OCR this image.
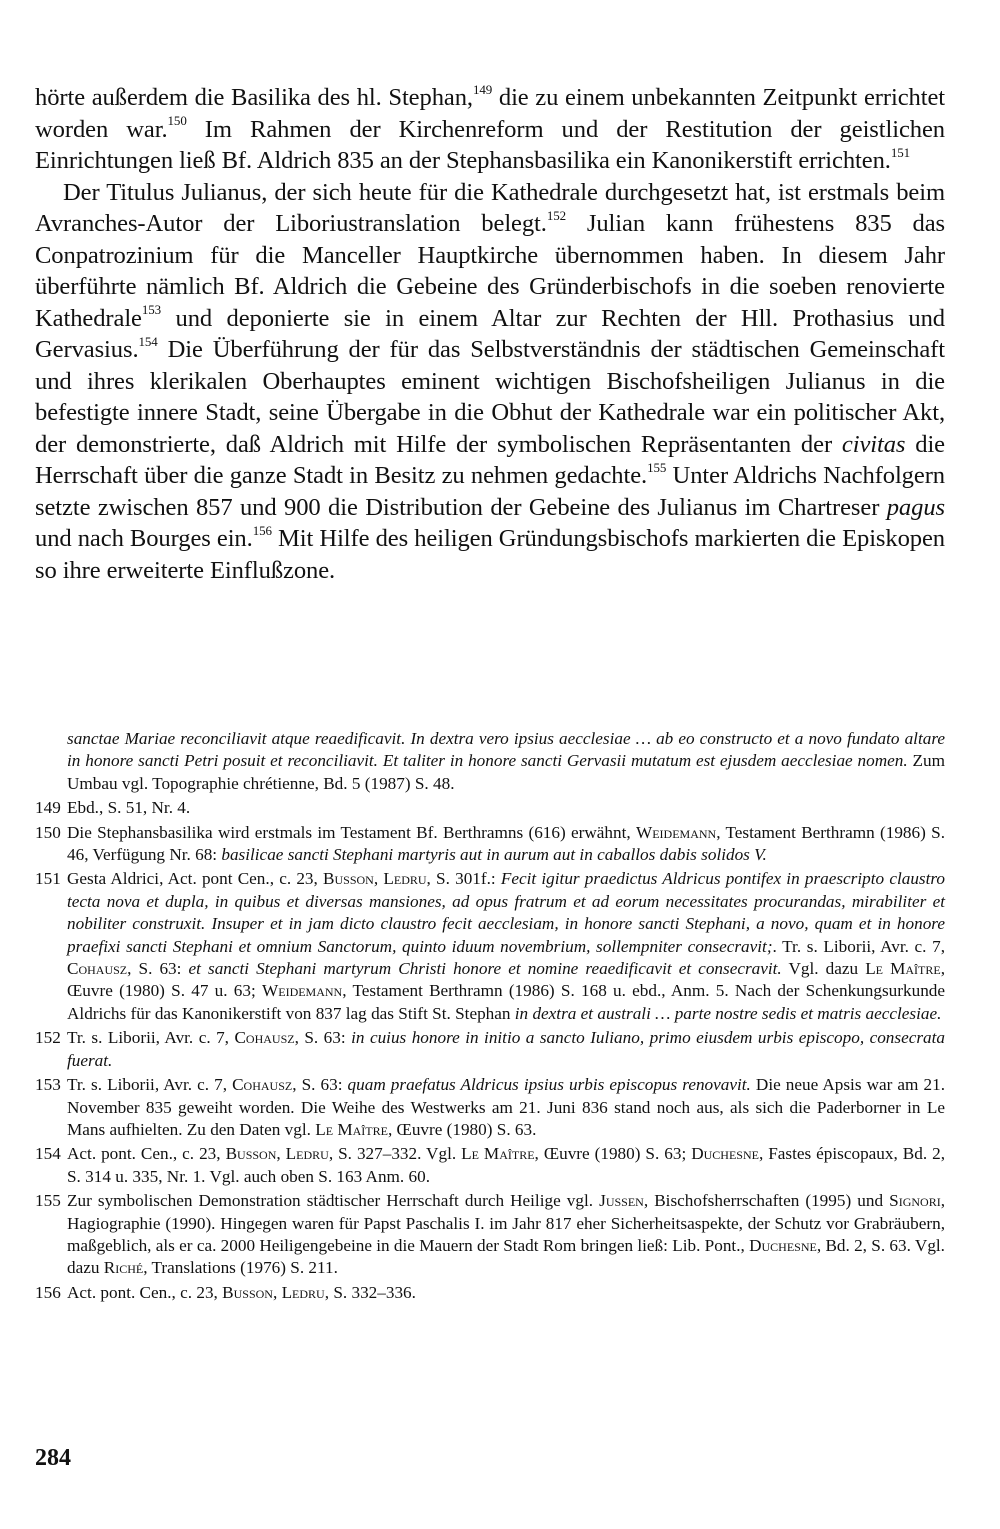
hörte außerdem die Basilika des hl. Stephan,$^{149}$ die zu einem unbekannten Zeitpunkt errichtet worden war.$^{150}$ Im Rahmen der Kirchenreform und der Restitution der geistlichen Einrichtungen ließ Bf. Aldrich 835 an der Stephansbasilika ein Kanonikerstift errichten.$^{151}$

Der Titulus Julianus, der sich heute für die Kathedrale durchgesetzt hat, ist erstmals beim Avranches-Autor der Liboriustranslation belegt.$^{152}$ Julian kann frühestens 835 das Conpatrozinium für die Manceller Hauptkirche übernommen haben. In diesem Jahr überführte nämlich Bf. Aldrich die Gebeine des Gründerbischofs in die soeben renovierte Kathedrale$^{153}$ und deponierte sie in einem Altar zur Rechten der Hll. Prothasius und Gervasius.$^{154}$ Die Überführung der für das Selbstverständnis der städtischen Gemeinschaft und ihres klerikalen Oberhauptes eminent wichtigen Bischofsheiligen Julianus in die befestigte innere Stadt, seine Übergabe in die Obhut der Kathedrale war ein politischer Akt, der demonstrierte, daß Aldrich mit Hilfe der symbolischen Repräsentanten der civitas die Herrschaft über die ganze Stadt in Besitz zu nehmen gedachte.$^{155}$ Unter Aldrichs Nachfolgern setzte zwischen 857 und 900 die Distribution der Gebeine des Julianus im Chartreser pagus und nach Bourges ein.$^{156}$ Mit Hilfe des heiligen Gründungsbischofs markierten die Episkopen so ihre erweiterte Einflußzone.

sanctae Mariae reconciliavit atque reaedificavit. In dextra vero ipsius aecclesiae … ab eo constructo et a novo fundato altare in honore sancti Petri posuit et reconciliavit. Et taliter in honore sancti Gervasii mutatum est ejusdem aecclesiae nomen. Zum Umbau vgl. Topographie chrétienne, Bd. 5 (1987) S. 48.
149 Ebd., S. 51, Nr. 4.
150 Die Stephansbasilika wird erstmals im Testament Bf. Berthramns (616) erwähnt, Weidemann, Testament Berthramn (1986) S. 46, Verfügung Nr. 68: basilicae sancti Stephani martyris aut in aurum aut in caballos dabis solidos V.
151 Gesta Aldrici, Act. pont Cen., c. 23, Busson, Ledru, S. 301f.: Fecit igitur praedictus Aldricus pontifex in praescripto claustro tecta nova et dupla, in quibus et diversas mansiones, ad opus fratrum et ad eorum necessitates procurandas, mirabiliter et nobiliter construxit. Insuper et in jam dicto claustro fecit aecclesiam, in honore sancti Stephani, a novo, quam et in honore praefixi sancti Stephani et omnium Sanctorum, quinto iduum novembrium, sollempniter consecravit;. Tr. s. Liborii, Avr. c. 7, Cohausz, S. 63: et sancti Stephani martyrum Christi honore et nomine reaedificavit et consecravit. Vgl. dazu Le Maître, Œuvre (1980) S. 47 u. 63; Weidemann, Testament Berthramn (1986) S. 168 u. ebd., Anm. 5. Nach der Schenkungsurkunde Aldrichs für das Kanonikerstift von 837 lag das Stift St. Stephan in dextra et australi … parte nostre sedis et matris aecclesiae.
152 Tr. s. Liborii, Avr. c. 7, Cohausz, S. 63: in cuius honore in initio a sancto Iuliano, primo eiusdem urbis episcopo, consecrata fuerat.
153 Tr. s. Liborii, Avr. c. 7, Cohausz, S. 63: quam praefatus Aldricus ipsius urbis episcopus renovavit. Die neue Apsis war am 21. November 835 geweiht worden. Die Weihe des Westwerks am 21. Juni 836 stand noch aus, als sich die Paderborner in Le Mans aufhielten. Zu den Daten vgl. Le Maître, Œuvre (1980) S. 63.
154 Act. pont. Cen., c. 23, Busson, Ledru, S. 327–332. Vgl. Le Maître, Œuvre (1980) S. 63; Duchesne, Fastes épiscopaux, Bd. 2, S. 314 u. 335, Nr. 1. Vgl. auch oben S. 163 Anm. 60.
155 Zur symbolischen Demonstration städtischer Herrschaft durch Heilige vgl. Jussen, Bischofsherrschaften (1995) und Signori, Hagiographie (1990). Hingegen waren für Papst Paschalis I. im Jahr 817 eher Sicherheitsaspekte, der Schutz vor Grabräubern, maßgeblich, als er ca. 2000 Heiligengebeine in die Mauern der Stadt Rom bringen ließ: Lib. Pont., Duchesne, Bd. 2, S. 63. Vgl. dazu Riché, Translations (1976) S. 211.
156 Act. pont. Cen., c. 23, Busson, Ledru, S. 332–336.
284
